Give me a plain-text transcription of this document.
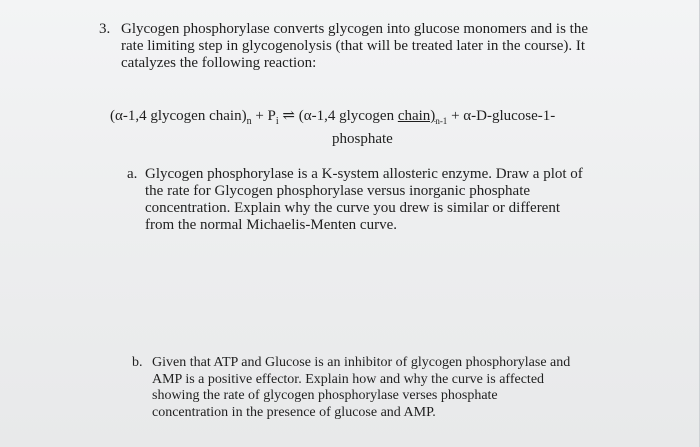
3. Glycogen phosphorylase converts glycogen into glucose monomers and is the rate limiting step in glycogenolysis (that will be treated later in the course). It catalyzes the following reaction:
(α-1,4 glycogen $chain)_n + P_i$ ⇌ (α-1,4 glycogen $chain)_{n-1} + \alpha-D-glucose-1-$
phosphate
a. Glycogen phosphorylase is a K-system allosteric enzyme. Draw a plot of the rate for Glycogen phosphorylase versus inorganic phosphate concentration. Explain why the curve you drew is similar or different from the normal Michaelis-Menten curve.
b. Given that ATP and Glucose is an inhibitor of glycogen phosphorylase and AMP is a positive effector. Explain how and why the curve is affected showing the rate of glycogen phosphorylase verses phosphate concentration in the presence of glucose and AMP.
